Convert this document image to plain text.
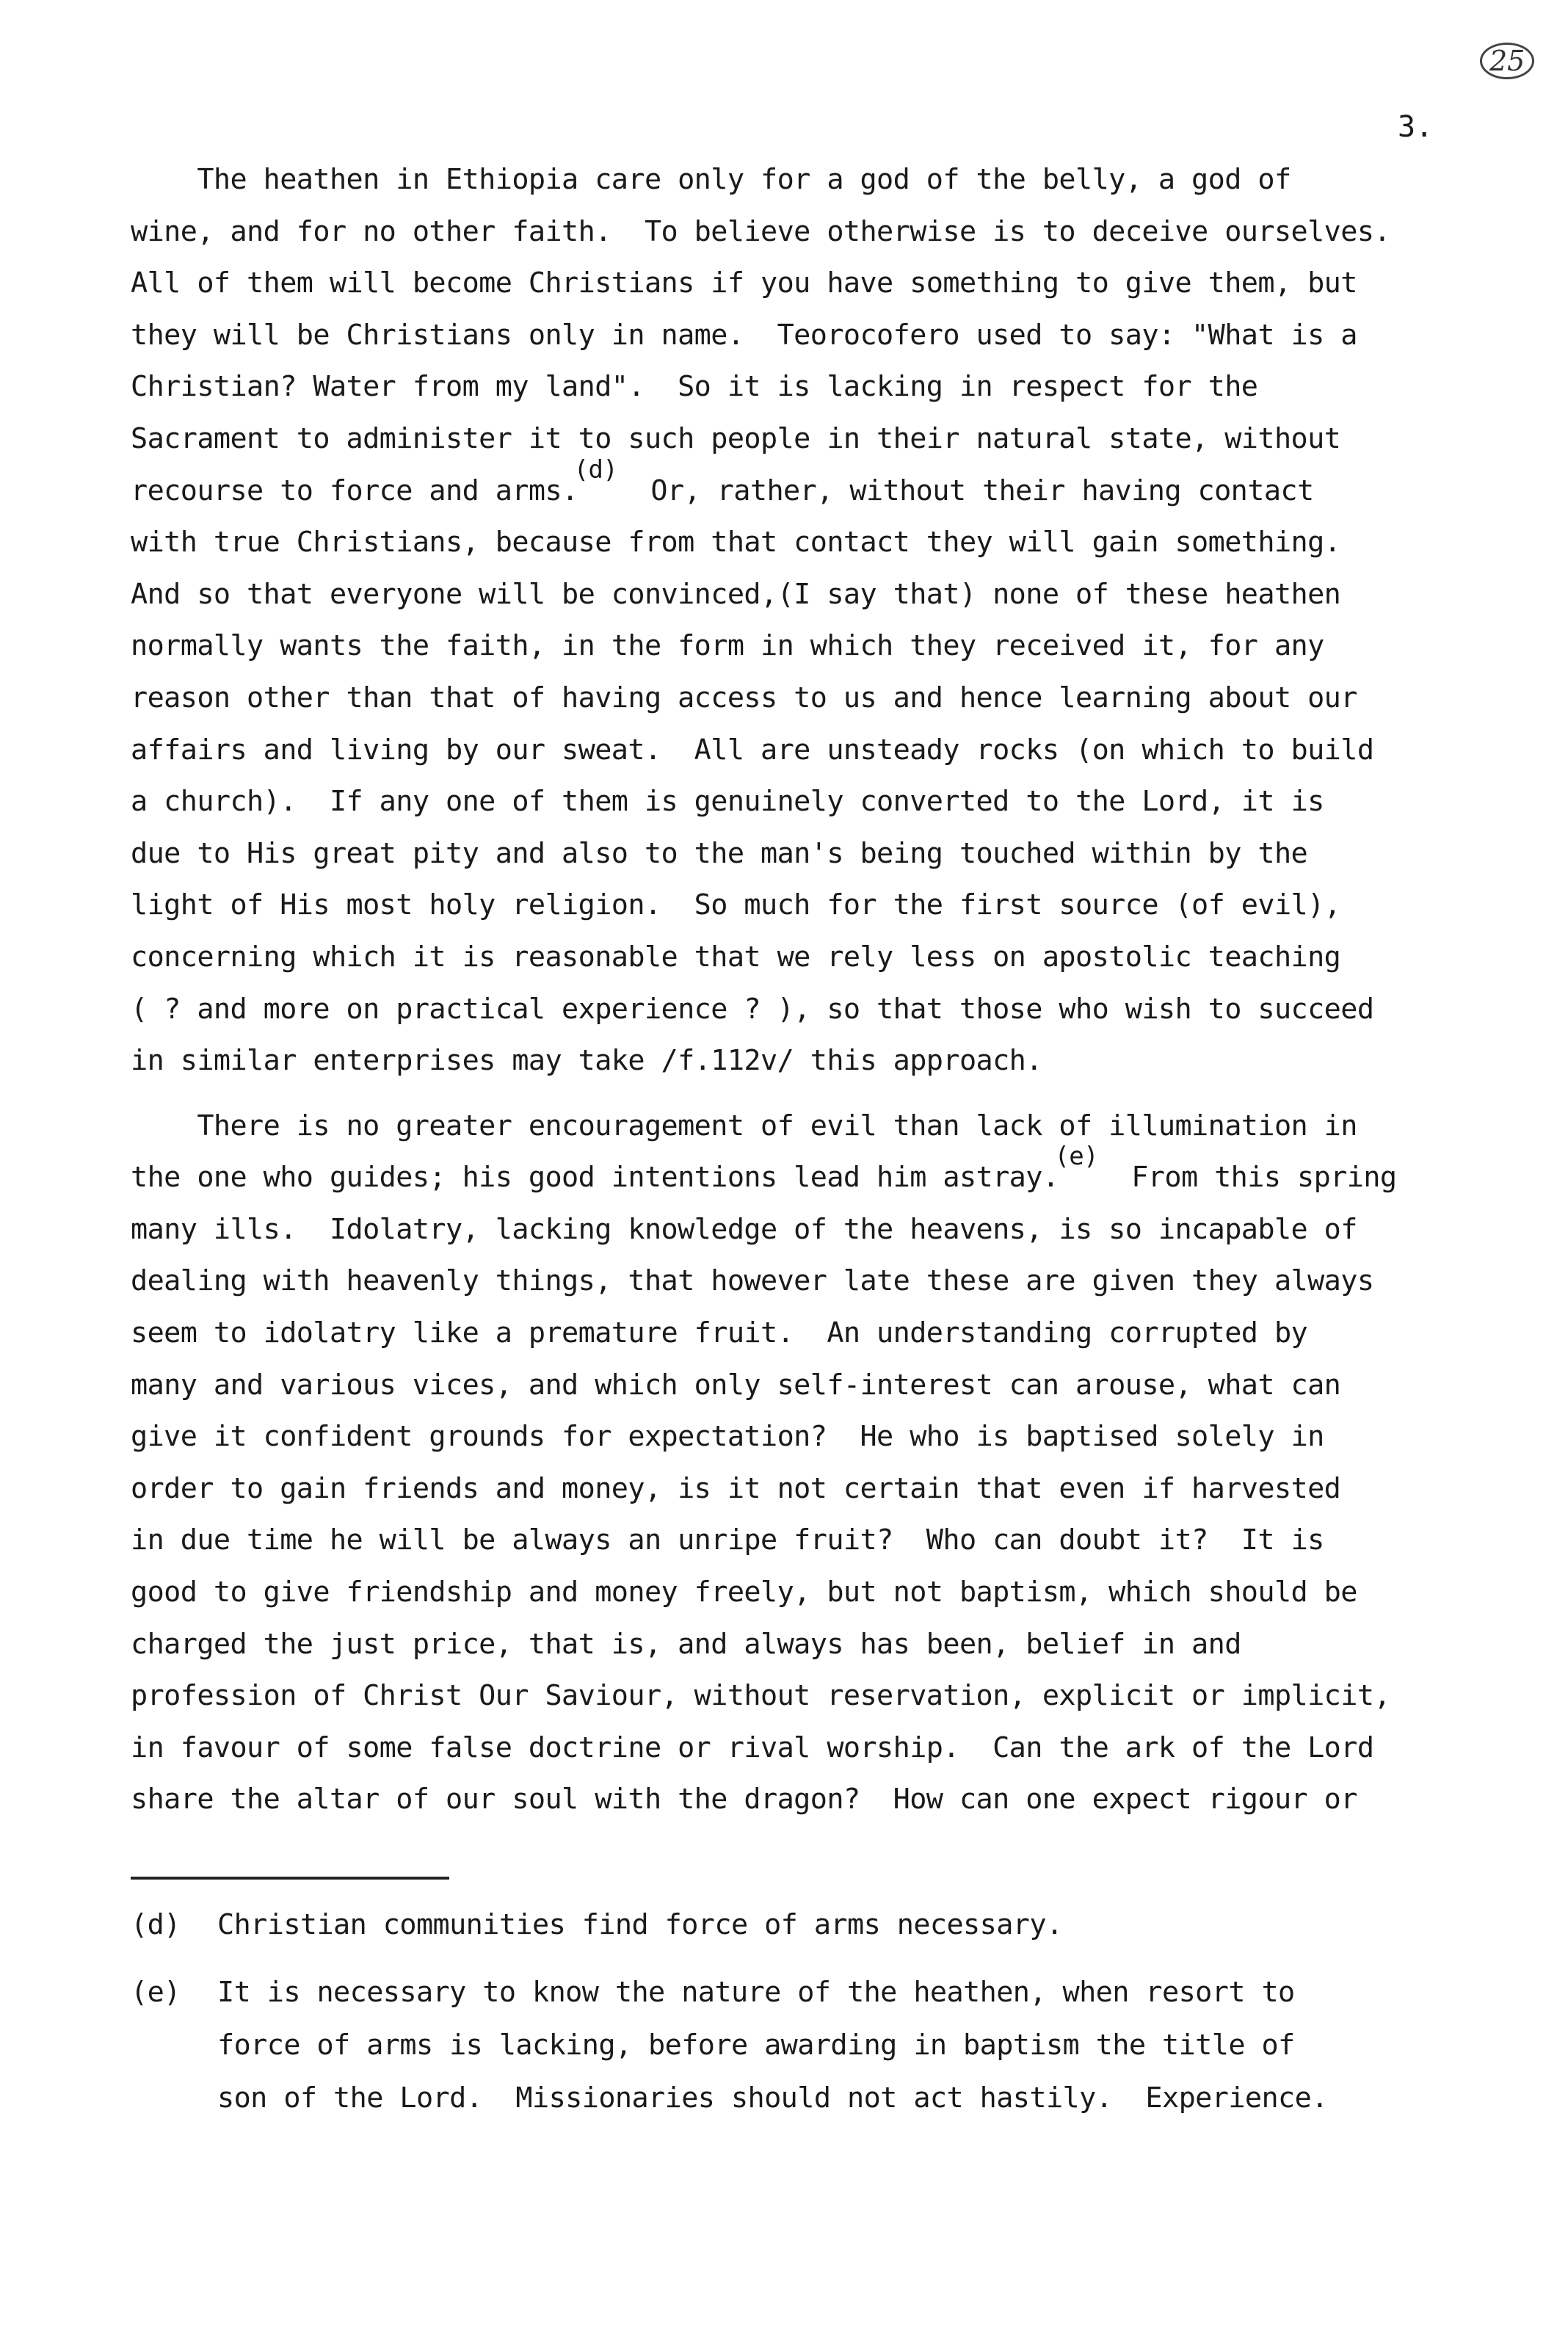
25
3.
The heathen in Ethiopia care only for a god of the belly, a god of
wine, and for no other faith.  To believe otherwise is to deceive ourselves.
All of them will become Christians if you have something to give them, but
they will be Christians only in name.  Teorocofero used to say: "What is a
Christian? Water from my land".  So it is lacking in respect for the
Sacrament to administer it to such people in their natural state, without
recourse to force and arms.(d)  Or, rather, without their having contact
with true Christians, because from that contact they will gain something.
And so that everyone will be convinced,(I say that) none of these heathen
normally wants the faith, in the form in which they received it, for any
reason other than that of having access to us and hence learning about our
affairs and living by our sweat.  All are unsteady rocks (on which to build
a church).  If any one of them is genuinely converted to the Lord, it is
due to His great pity and also to the man's being touched within by the
light of His most holy religion.  So much for the first source (of evil),
concerning which it is reasonable that we rely less on apostolic teaching
( ? and more on practical experience ? ), so that those who wish to succeed
in similar enterprises may take /f.112v/ this approach.
There is no greater encouragement of evil than lack of illumination in
the one who guides; his good intentions lead him astray.(e)  From this spring
many ills.  Idolatry, lacking knowledge of the heavens, is so incapable of
dealing with heavenly things, that however late these are given they always
seem to idolatry like a premature fruit.  An understanding corrupted by
many and various vices, and which only self-interest can arouse, what can
give it confident grounds for expectation?  He who is baptised solely in
order to gain friends and money, is it not certain that even if harvested
in due time he will be always an unripe fruit?  Who can doubt it?  It is
good to give friendship and money freely, but not baptism, which should be
charged the just price, that is, and always has been, belief in and
profession of Christ Our Saviour, without reservation, explicit or implicit,
in favour of some false doctrine or rival worship.  Can the ark of the Lord
share the altar of our soul with the dragon?  How can one expect rigour or
(d)	Christian communities find force of arms necessary.
(e)	It is necessary to know the nature of the heathen, when resort to
force of arms is lacking, before awarding in baptism the title of
son of the Lord.  Missionaries should not act hastily.  Experience.
